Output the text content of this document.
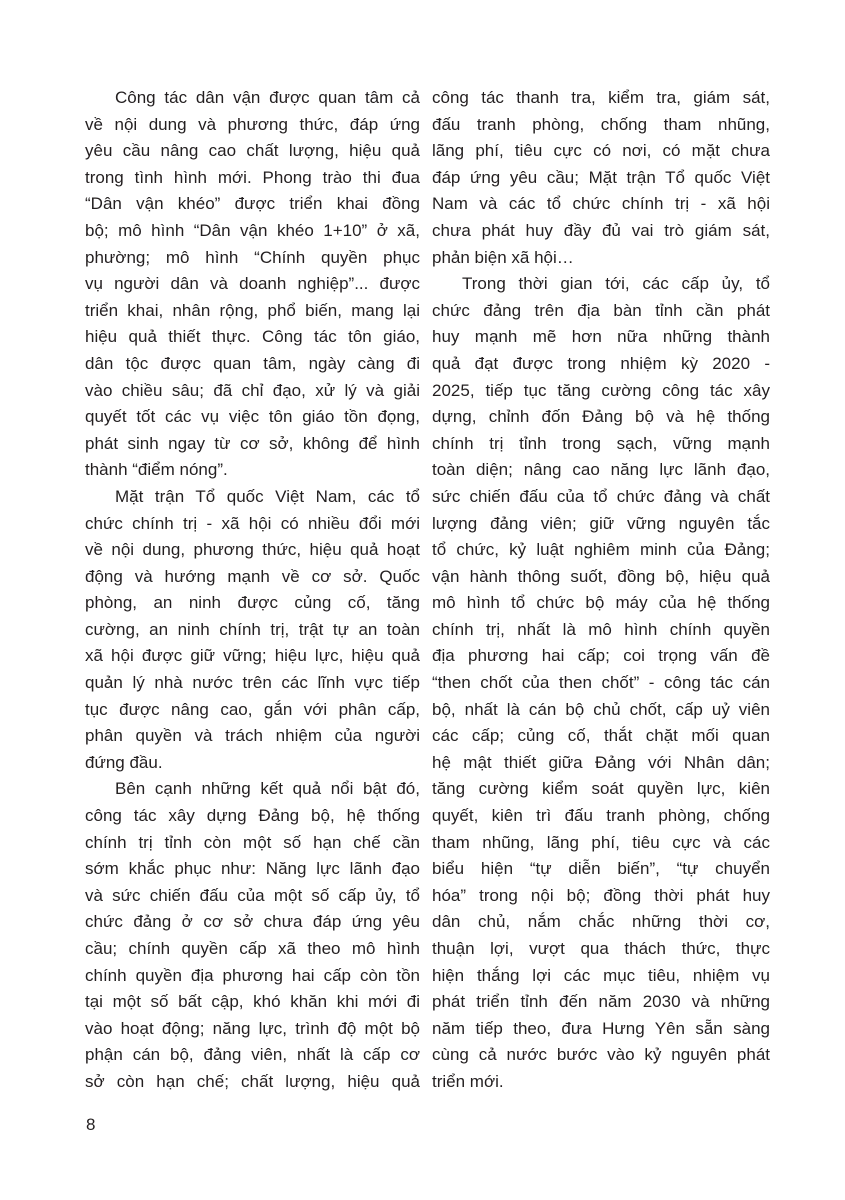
Công tác dân vận được quan tâm cả
về nội dung và phương thức, đáp ứng
yêu cầu nâng cao chất lượng, hiệu quả
trong tình hình mới. Phong trào thi đua
“Dân vận khéo” được triển khai đồng
bộ; mô hình “Dân vận khéo 1+10” ở xã,
phường; mô hình “Chính quyền phục
vụ người dân và doanh nghiệp”... được
triển khai, nhân rộng, phổ biến, mang lại
hiệu quả thiết thực. Công tác tôn giáo,
dân tộc được quan tâm, ngày càng đi
vào chiều sâu; đã chỉ đạo, xử lý và giải
quyết tốt các vụ việc tôn giáo tồn đọng,
phát sinh ngay từ cơ sở, không để hình
thành “điểm nóng”.
Mặt trận Tổ quốc Việt Nam, các tổ
chức chính trị - xã hội có nhiều đổi mới
về nội dung, phương thức, hiệu quả hoạt
động và hướng mạnh về cơ sở. Quốc
phòng, an ninh được củng cố, tăng
cường, an ninh chính trị, trật tự an toàn
xã hội được giữ vững; hiệu lực, hiệu quả
quản lý nhà nước trên các lĩnh vực tiếp
tục được nâng cao, gắn với phân cấp,
phân quyền và trách nhiệm của người
đứng đầu.
Bên cạnh những kết quả nổi bật đó,
công tác xây dựng Đảng bộ, hệ thống
chính trị tỉnh còn một số hạn chế cần
sớm khắc phục như: Năng lực lãnh đạo
và sức chiến đấu của một số cấp ủy, tổ
chức đảng ở cơ sở chưa đáp ứng yêu
cầu; chính quyền cấp xã theo mô hình
chính quyền địa phương hai cấp còn tồn
tại một số bất cập, khó khăn khi mới đi
vào hoạt động; năng lực, trình độ một bộ
phận cán bộ, đảng viên, nhất là cấp cơ
sở còn hạn chế; chất lượng, hiệu quả
công tác thanh tra, kiểm tra, giám sát,
đấu tranh phòng, chống tham nhũng,
lãng phí, tiêu cực có nơi, có mặt chưa
đáp ứng yêu cầu; Mặt trận Tổ quốc Việt
Nam và các tổ chức chính trị - xã hội
chưa phát huy đầy đủ vai trò giám sát,
phản biện xã hội…
Trong thời gian tới, các cấp ủy, tổ
chức đảng trên địa bàn tỉnh cần phát
huy mạnh mẽ hơn nữa những thành
quả đạt được trong nhiệm kỳ 2020 -
2025, tiếp tục tăng cường công tác xây
dựng, chỉnh đốn Đảng bộ và hệ thống
chính trị tỉnh trong sạch, vững mạnh
toàn diện; nâng cao năng lực lãnh đạo,
sức chiến đấu của tổ chức đảng và chất
lượng đảng viên; giữ vững nguyên tắc
tổ chức, kỷ luật nghiêm minh của Đảng;
vận hành thông suốt, đồng bộ, hiệu quả
mô hình tổ chức bộ máy của hệ thống
chính trị, nhất là mô hình chính quyền
địa phương hai cấp; coi trọng vấn đề
“then chốt của then chốt” - công tác cán
bộ, nhất là cán bộ chủ chốt, cấp uỷ viên
các cấp; củng cố, thắt chặt mối quan
hệ mật thiết giữa Đảng với Nhân dân;
tăng cường kiểm soát quyền lực, kiên
quyết, kiên trì đấu tranh phòng, chống
tham nhũng, lãng phí, tiêu cực và các
biểu hiện “tự diễn biến”, “tự chuyển
hóa” trong nội bộ; đồng thời phát huy
dân chủ, nắm chắc những thời cơ,
thuận lợi, vượt qua thách thức, thực
hiện thắng lợi các mục tiêu, nhiệm vụ
phát triển tỉnh đến năm 2030 và những
năm tiếp theo, đưa Hưng Yên sẵn sàng
cùng cả nước bước vào kỷ nguyên phát
triển mới.
8
